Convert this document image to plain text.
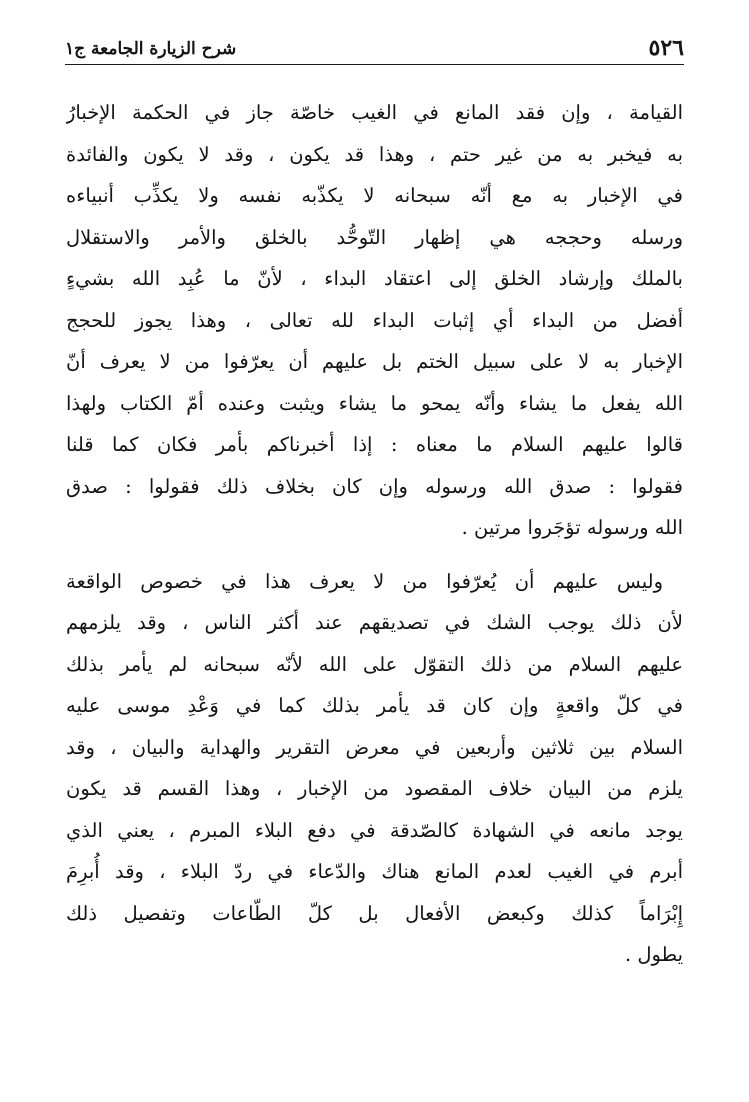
٥٢٦
شرح الزيارة الجامعة ج١
القيامة ، وإن فقد المانع في الغيب خاصّة جاز في الحكمة الإخبارُ
به فيخبر به من غير حتم ، وهذا قد يكون ، وقد لا يكون والفائدة
في الإخبار به مع أنّه سبحانه لا يكذّبه نفسه ولا يكذِّب أنبياءه
ورسله وحججه هي إظهار التّوحُّد بالخلق والأمر والاستقلال
بالملك وإرشاد الخلق إلى اعتقاد البداء ، لأنّ ما عُبِد الله بشيءٍ
أفضل من البداء أي إثبات البداء لله تعالى ، وهذا يجوز للحجج
الإخبار به لا على سبيل الختم بل عليهم أن يعرّفوا من لا يعرف أنّ
الله يفعل ما يشاء وأنّه يمحو ما يشاء ويثبت وعنده أمّ الكتاب ولهذا
قالوا عليهم السلام ما معناه : إذا أخبرناكم بأمر فكان كما قلنا
فقولوا : صدق الله ورسوله وإن كان بخلاف ذلك فقولوا : صدق
الله ورسوله تؤجَروا مرتين .
وليس عليهم أن يُعرّفوا من لا يعرف هذا في خصوص الواقعة
لأن ذلك يوجب الشك في تصديقهم عند أكثر الناس ، وقد يلزمهم
عليهم السلام من ذلك التقوّل على الله لأنّه سبحانه لم يأمر بذلك
في كلّ واقعةٍ وإن كان قد يأمر بذلك كما في وَعْدِ موسى عليه
السلام بين ثلاثين وأربعين في معرض التقرير والهداية والبيان ، وقد
يلزم من البيان خلاف المقصود من الإخبار ، وهذا القسم قد يكون
يوجد مانعه في الشهادة كالصّدقة في دفع البلاء المبرم ، يعني الذي
أبرم في الغيب لعدم المانع هناك والدّعاء في ردّ البلاء ، وقد أُبرِمَ
إِبْرَاماً كذلك وكبعض الأفعال بل كلّ الطّاعات وتفصيل ذلك
يطول .
